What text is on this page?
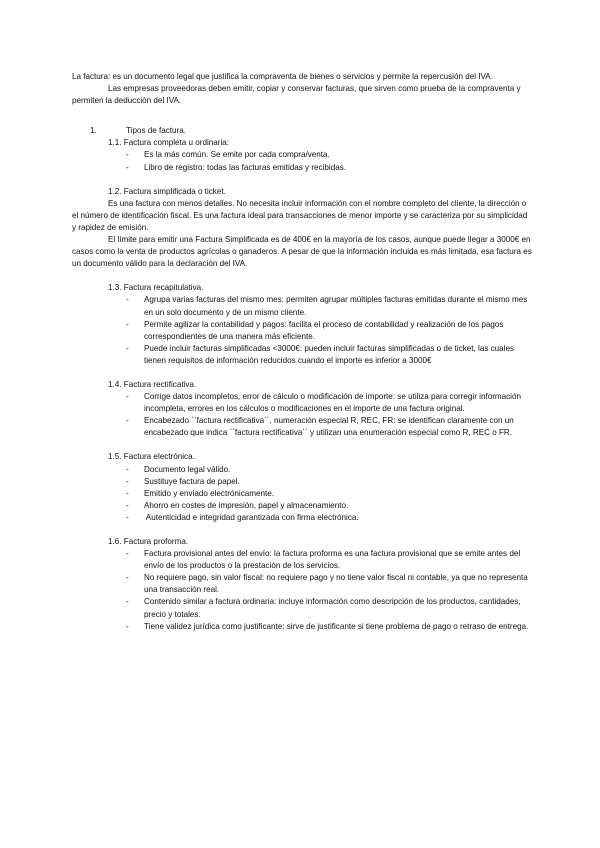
La factura: es un documento legal que justifica la compraventa de bienes o servicios y permite la repercusión del IVA.

Las empresas proveedoras deben emitir, copiar y conservar facturas, que sirven como prueba de la compraventa y permiten la deducción del IVA.

1.	Tipos de factura.

1.1. Factura completa u ordinaria:

- Es la más común. Se emite por cada compra/venta.
- Libro de registro: todas las facturas emitidas y recibidas.

1.2. Factura simplificada o ticket.

Es una factura con menos detalles. No necesita incluir información con el nombre completo del cliente, la dirección o el número de identificación fiscal. Es una factura ideal para transacciones de menor importe y se caracteriza por su simplicidad y rapidez de emisión.

El límite para emitir una Factura Simplificada es de 400€ en la mayoría de los casos, aunque puede llegar a 3000€ en casos como la venta de productos agrícolas o ganaderos. A pesar de que la información incluida es más limitada, esa factura es un documento válido para la declaración del IVA.

1.3. Factura recapitulativa.

- Agrupa varias facturas del mismo mes: permiten agrupar múltiples facturas emitidas durante el mismo mes en un solo documento y de un mismo cliente.
- Permite agilizar la contabilidad y pagos: facilita el proceso de contabilidad y realización de los pagos correspondientes de una manera más eficiente.
- Puede incluir facturas simplificadas <3000€: pueden incluir facturas simplificadas o de ticket, las cuales tienen requisitos de información reducidos cuando el importe es inferior a 3000€

1.4. Factura rectificativa.

- Corrige datos incompletos, error de cálculo o modificación de importe: se utiliza para corregir información incompleta, errores en los cálculos o modificaciones en el importe de una factura original.
- Encabezado ``factura rectificativa´´, numeración especial R, REC, FR: se identifican claramente con un encabezado que indica ``factura rectificativa´´ y utilizan una enumeración especial como R, REC o FR.

1.5. Factura electrónica.

- Documento legal válido.
- Sustituye factura de papel.
- Emitido y enviado electrónicamente.
- Ahorro en costes de impresión, papel y almacenamiento.
- Autenticidad e integridad garantizada con firma electrónica.

1.6. Factura proforma.

- Factura provisional antes del envío: la factura proforma es una factura provisional que se emite antes del envío de los productos o la prestación de los servicios.
- No requiere pago, sin valor fiscal: no requiere pago y no tiene valor fiscal ni contable, ya que no representa una transacción real.
- Contenido similar a factura ordinaria: incluye información como descripción de los productos, cantidades, precio y totales.
- Tiene validez jurídica como justificante: sirve de justificante si tiene problema de pago o retraso de entrega.
